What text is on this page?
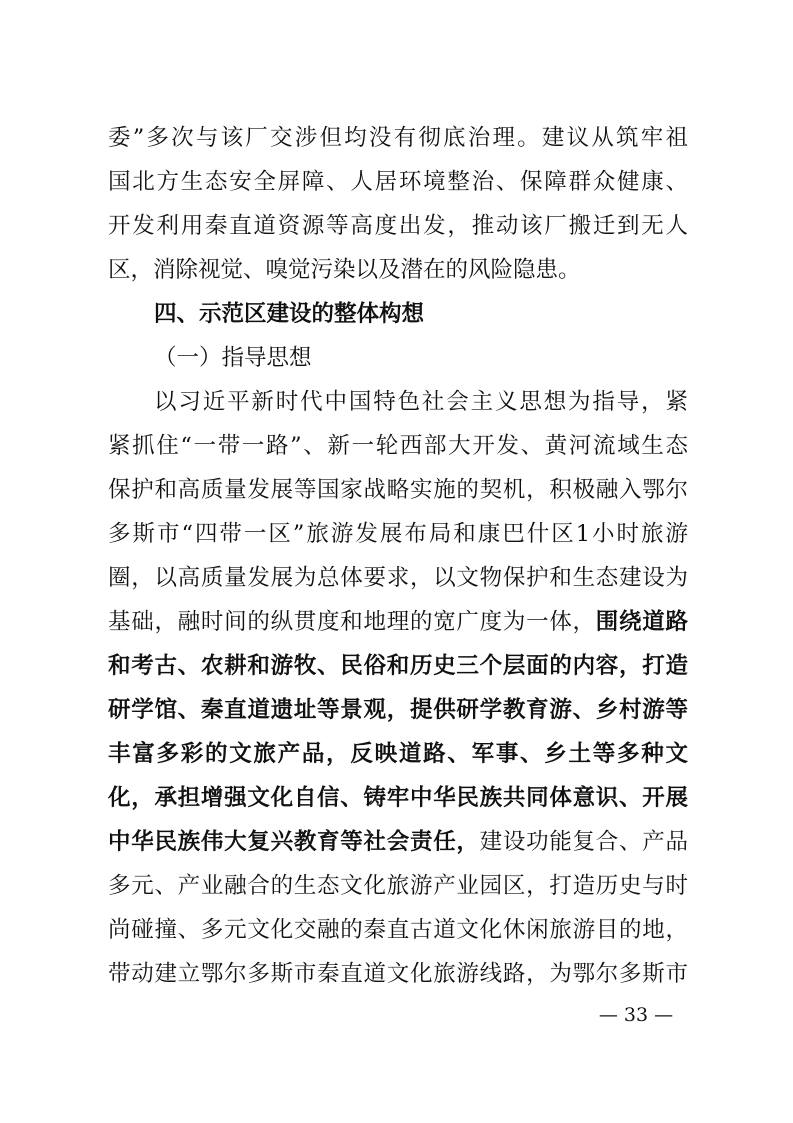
委”多次与该厂交涉但均没有彻底治理。建议从筑牢祖
国北方生态安全屏障、人居环境整治、保障群众健康、
开发利用秦直道资源等高度出发，推动该厂搬迁到无人
区，消除视觉、嗅觉污染以及潜在的风险隐患。
四、示范区建设的整体构想
（一）指导思想
以习近平新时代中国特色社会主义思想为指导，紧
紧抓住“一带一路”、新一轮西部大开发、黄河流域生态
保护和高质量发展等国家战略实施的契机，积极融入鄂尔
多斯市“四带一区”旅游发展布局和康巴什区1小时旅游
圈，以高质量发展为总体要求，以文物保护和生态建设为
基础，融时间的纵贯度和地理的宽广度为一体，围绕道路
和考古、农耕和游牧、民俗和历史三个层面的内容，打造
研学馆、秦直道遗址等景观，提供研学教育游、乡村游等
丰富多彩的文旅产品，反映道路、军事、乡土等多种文
化，承担增强文化自信、铸牢中华民族共同体意识、开展
中华民族伟大复兴教育等社会责任，建设功能复合、产品
多元、产业融合的生态文化旅游产业园区，打造历史与时
尚碰撞、多元文化交融的秦直古道文化休闲旅游目的地，
带动建立鄂尔多斯市秦直道文化旅游线路，为鄂尔多斯市
— 33 —
